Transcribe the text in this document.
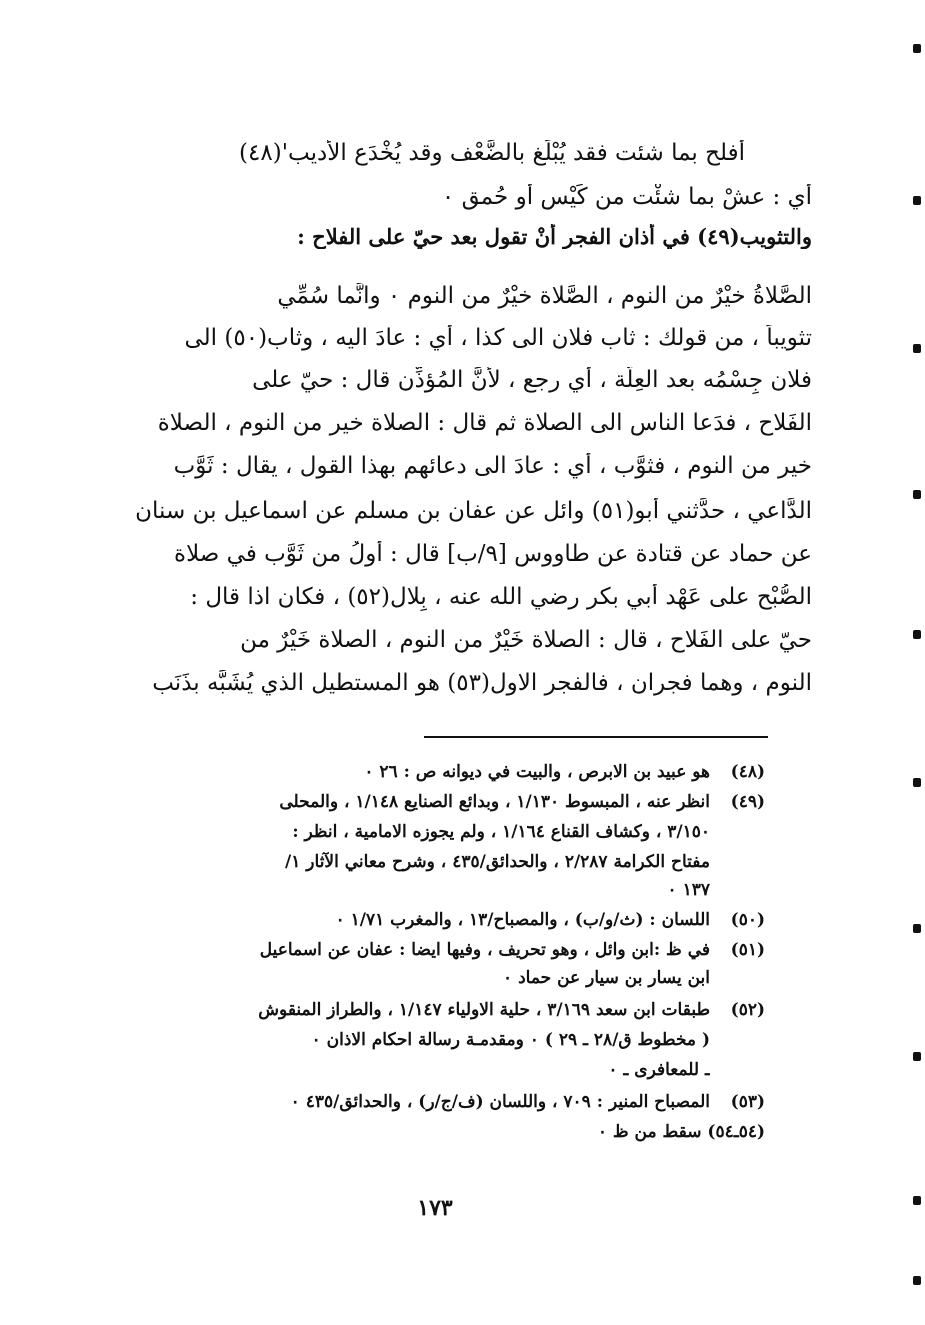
أفلح بما شئت فقد يُبْلَغ بالضَّعْف وقد يُخْدَع الأديب'(٤٨)
أي : عشْ بما شئْت من كَيْس أو حُمق ٠
والتثويب(٤٩) في أذان الفجر أنْ تقول بعد حيّ على الفلاح :
الصَّلاةُ خيْرٌ من النوم ، الصَّلاة خيْرٌ من النوم ٠ وانَّما سُمِّي
تثويباً ، من قولك : ثاب فلان الى كذا ، أي : عادَ اليه ، وثاب(٥٠) الى
فلان جِسْمُه بعد العِلَّة ، أي رجع ، لأنَّ المُؤذِّن قال : حيّ على
الفَلاح ، فدَعا الناس الى الصلاة ثم قال : الصلاة خير من النوم ، الصلاة
خير من النوم ، فثوَّب ، أي : عادَ الى دعائهم بهذا القول ، يقال : ثَوَّب
الدَّاعي ، حدَّثني أبو(٥١) وائل عن عفان بن مسلم عن اسماعيل بن سنان
عن حماد عن قتادة عن طاووس [٩/ب] قال : أولُ من ثَوَّب في صلاة
الصُّبْح على عَهْد أبي بكر رضي الله عنه ، بِلال(٥٢) ، فكان اذا قال :
حيّ على الفَلاح ، قال : الصلاة خَيْرٌ من النوم ، الصلاة خَيْرٌ من
النوم ، وهما فجران ، فالفجر الاول(٥٣) هو المستطيل الذي يُشَبَّه بذَنَب
(٤٨)
هو عبيد بن الابرص ، والبيت في ديوانه ص : ٢٦ ٠
(٤٩)
انظر عنه ، المبسوط ١/١٣٠ ، وبدائع الصنايع ١/١٤٨ ، والمحلى
٣/١٥٠ ، وكشاف القناع ١/١٦٤ ، ولم يجوزه الامامية ، انظر :
مفتاح الكرامة ٢/٢٨٧ ، والحدائق/٤٣٥ ، وشرح معاني الآثار ١/
١٣٧ ٠
(٥٠)
اللسان : (ث/و/ب) ، والمصباح/١٣ ، والمغرب ١/٧١ ٠
(٥١)
في ظ :ابن وائل ، وهو تحريف ، وفيها ايضا : عفان عن اسماعيل
ابن يسار بن سيار عن حماد ٠
(٥٢)
طبقات ابن سعد ٣/١٦٩ ، حلية الاولياء ١/١٤٧ ، والطراز المنقوش
( مخطوط ق/٢٨ ـ ٢٩ ) ٠ ومقدمـة رسالة احكام الاذان ٠
ـ للمعافرى ـ ٠
(٥٣)
المصباح المنير : ٧٠٩ ، واللسان (ف/ج/ر) ، والحدائق/٤٣٥ ٠
(٥٤ـ٥٤) سقط من ظ ٠
١٧٣
